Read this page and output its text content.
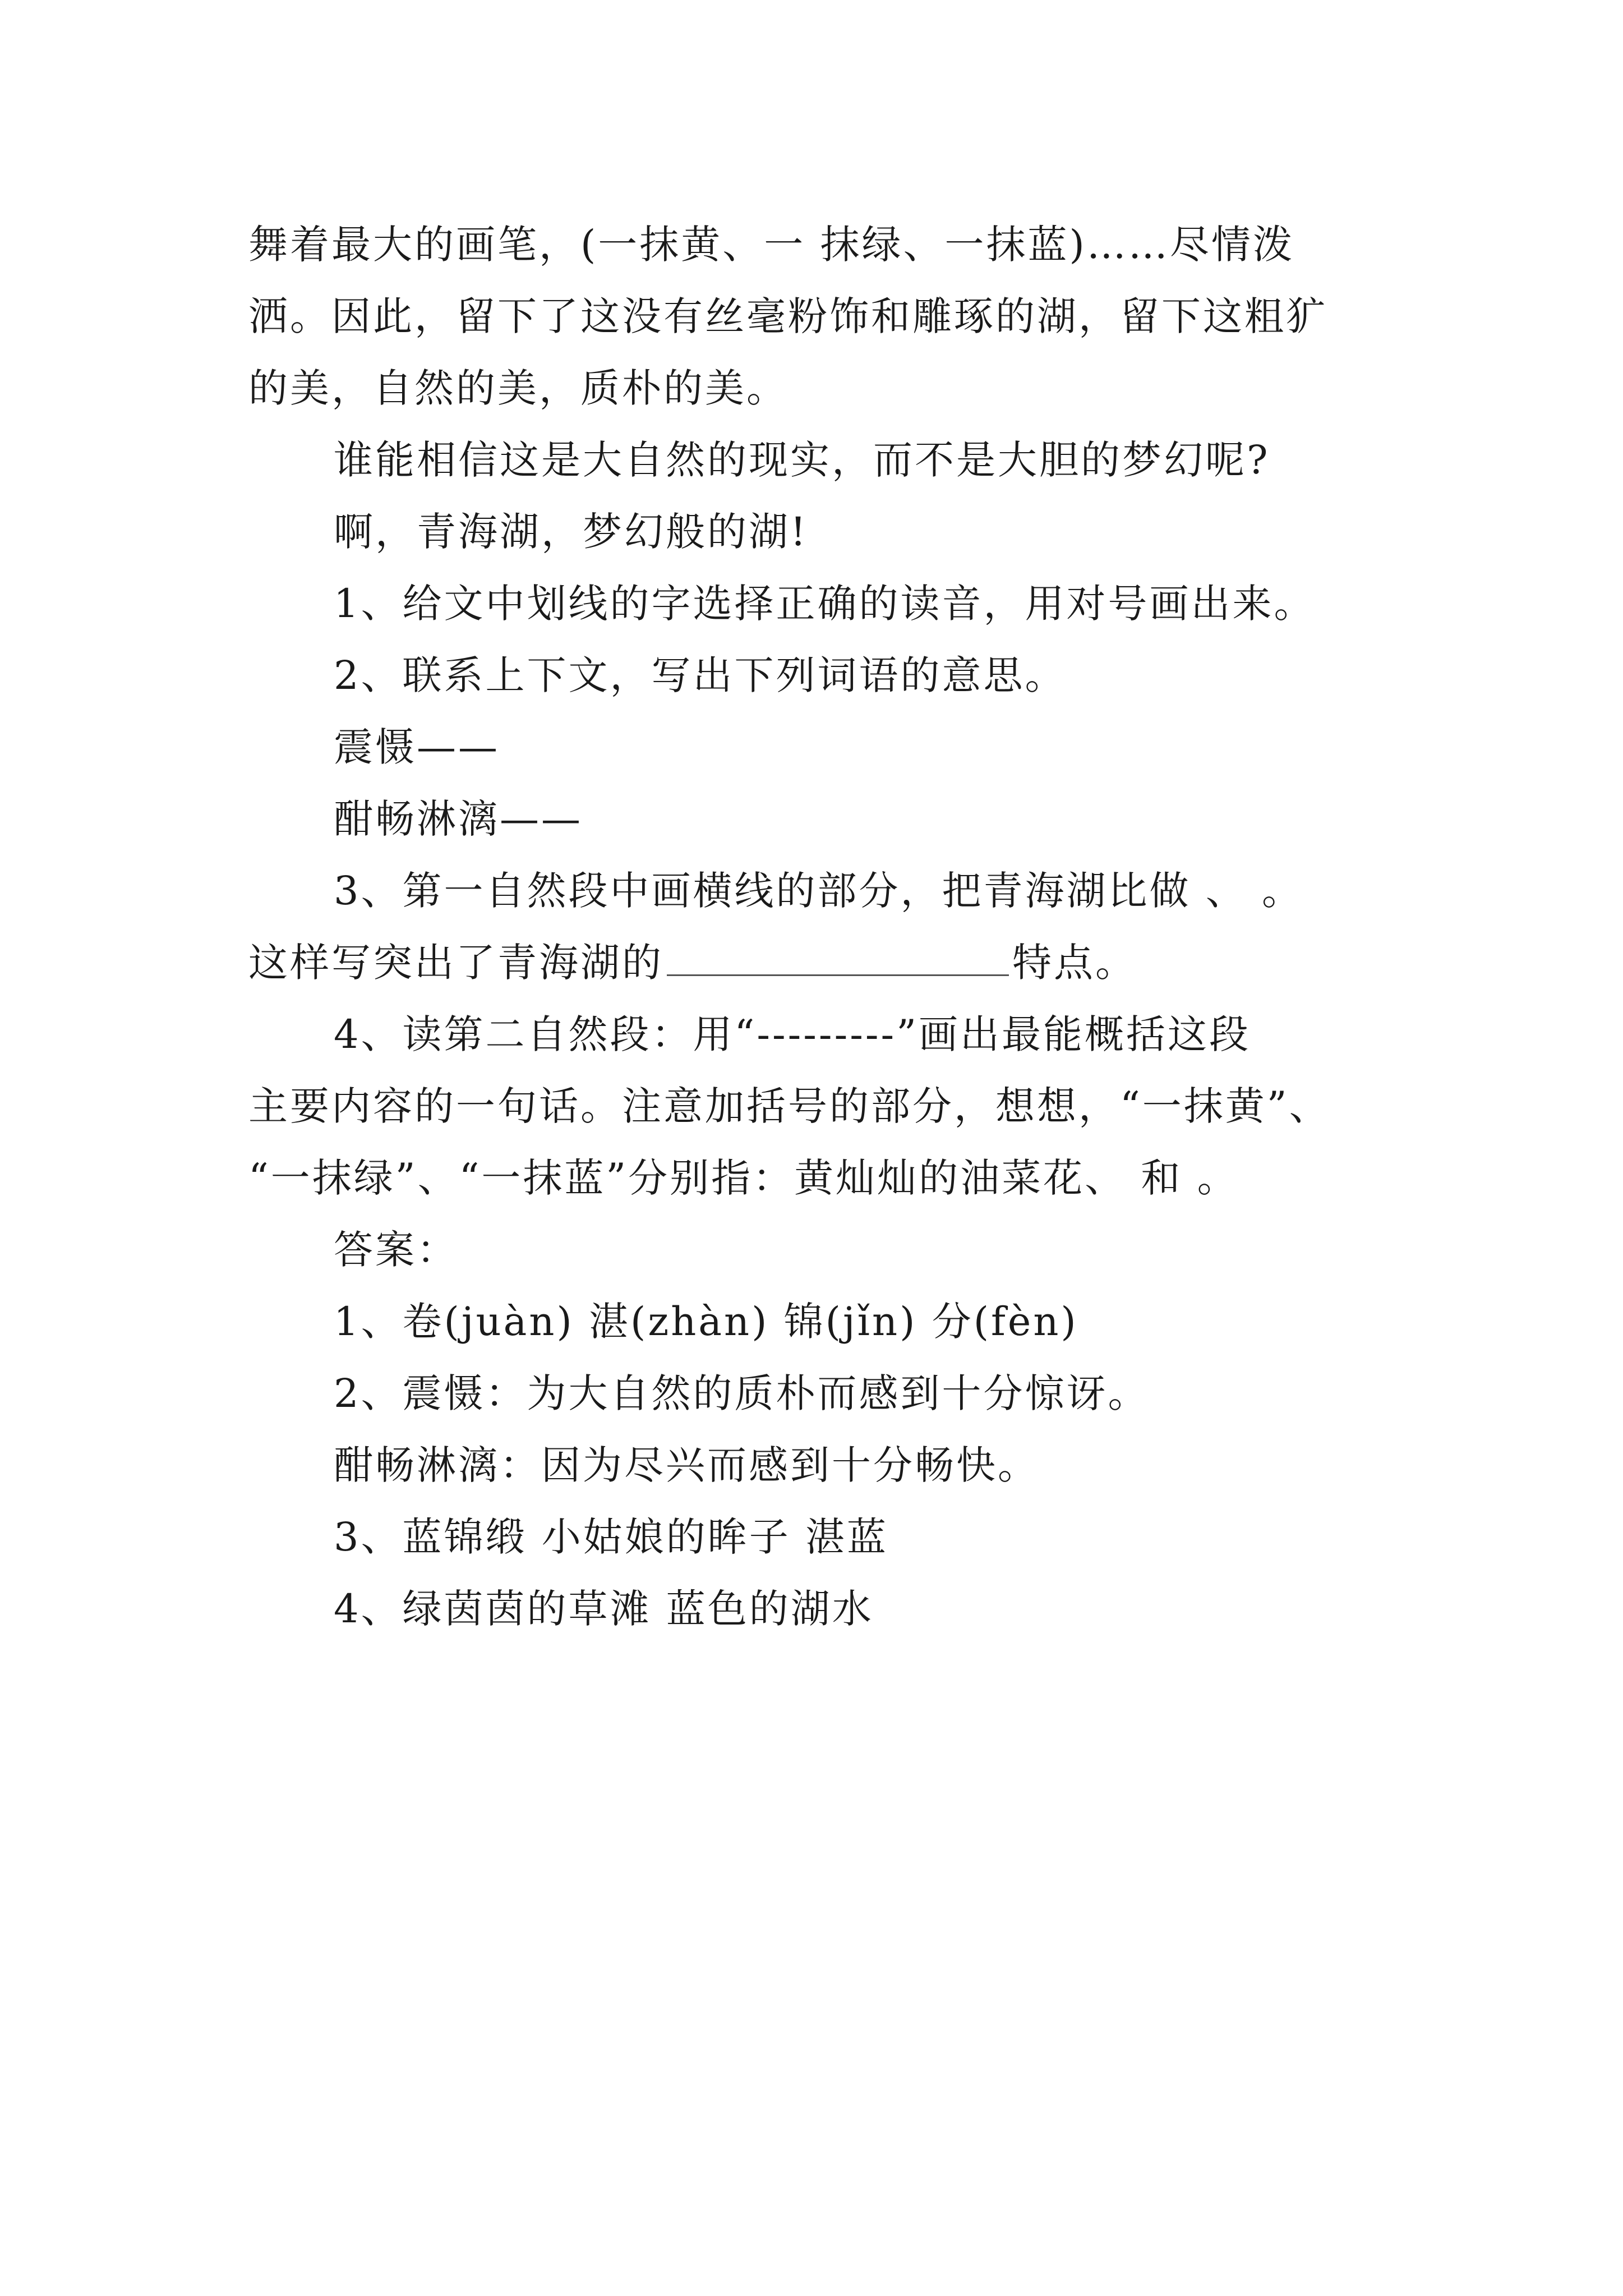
舞着最大的画笔，(一抹黄、一 抹绿、一抹蓝)……尽情泼
洒。因此，留下了这没有丝毫粉饰和雕琢的湖，留下这粗犷
的美，自然的美，质朴的美。
谁能相信这是大自然的现实，而不是大胆的梦幻呢?
啊，青海湖，梦幻般的湖!
1、给文中划线的字选择正确的读音，用对号画出来。
2、联系上下文，写出下列词语的意思。
震慑——
酣畅淋漓——
3、第一自然段中画横线的部分，把青海湖比做 、 。
这样写突出了青海湖的	特点。
4、读第二自然段：用“---------”画出最能概括这段
主要内容的一句话。注意加括号的部分，想想，“一抹黄”、
“一抹绿”、“一抹蓝”分别指：黄灿灿的油菜花、 和 。
答案：
1、卷(juàn) 湛(zhàn) 锦(jǐn) 分(fèn)
2、震慑：为大自然的质朴而感到十分惊讶。
酣畅淋漓：因为尽兴而感到十分畅快。
3、蓝锦缎 小姑娘的眸子 湛蓝
4、绿茵茵的草滩 蓝色的湖水
